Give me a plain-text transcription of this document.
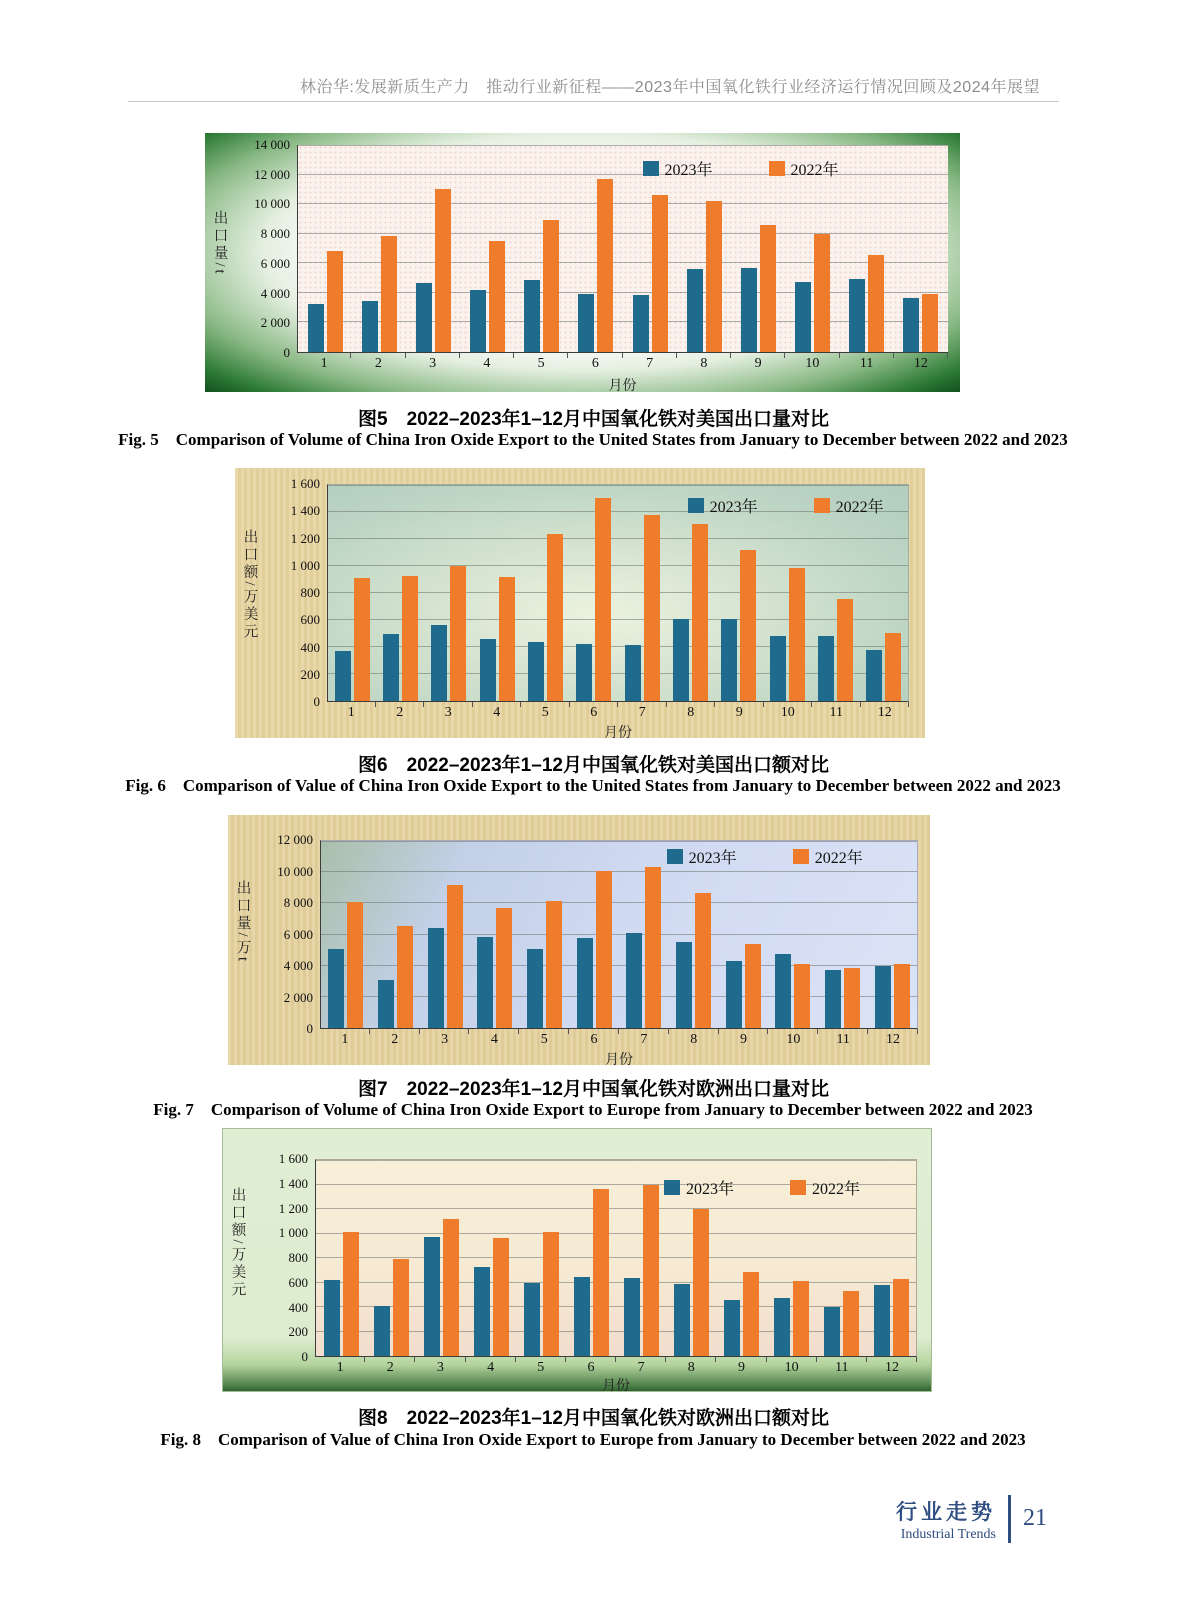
林治华:发展新质生产力　推动行业新征程——2023年中国氧化铁行业经济运行情况回顾及2024年展望
出口量/t
0
2 000
4 000
6 000
8 000
10 000
12 000
14 000
2023年	2022年
1	2	3	4	5	6	7	8	9	10	11	12
月份
图5　2022–2023年1–12月中国氧化铁对美国出口量对比
Fig. 5　Comparison of Volume of China Iron Oxide Export to the United States from January to December between 2022 and 2023
出口额/万美元
0
200
400
600
800
1 000
1 200
1 400
1 600
2023年	2022年
1	2	3	4	5	6	7	8	9	10	11	12
月份
图6　2022–2023年1–12月中国氧化铁对美国出口额对比
Fig. 6　Comparison of Value of China Iron Oxide Export to the United States from January to December between 2022 and 2023
出口量/万t
0
2 000
4 000
6 000
8 000
10 000
12 000
2023年	2022年
1	2	3	4	5	6	7	8	9	10	11	12
月份
图7　2022–2023年1–12月中国氧化铁对欧洲出口量对比
Fig. 7　Comparison of Volume of China Iron Oxide Export to Europe from January to December between 2022 and 2023
出口额/万美元
0
200
400
600
800
1 000
1 200
1 400
1 600
2023年	2022年
1	2	3	4	5	6	7	8	9	10	11	12
月份
图8　2022–2023年1–12月中国氧化铁对欧洲出口额对比
Fig. 8　Comparison of Value of China Iron Oxide Export to Europe from January to December between 2022 and 2023
行业走势
Industrial Trends
21
